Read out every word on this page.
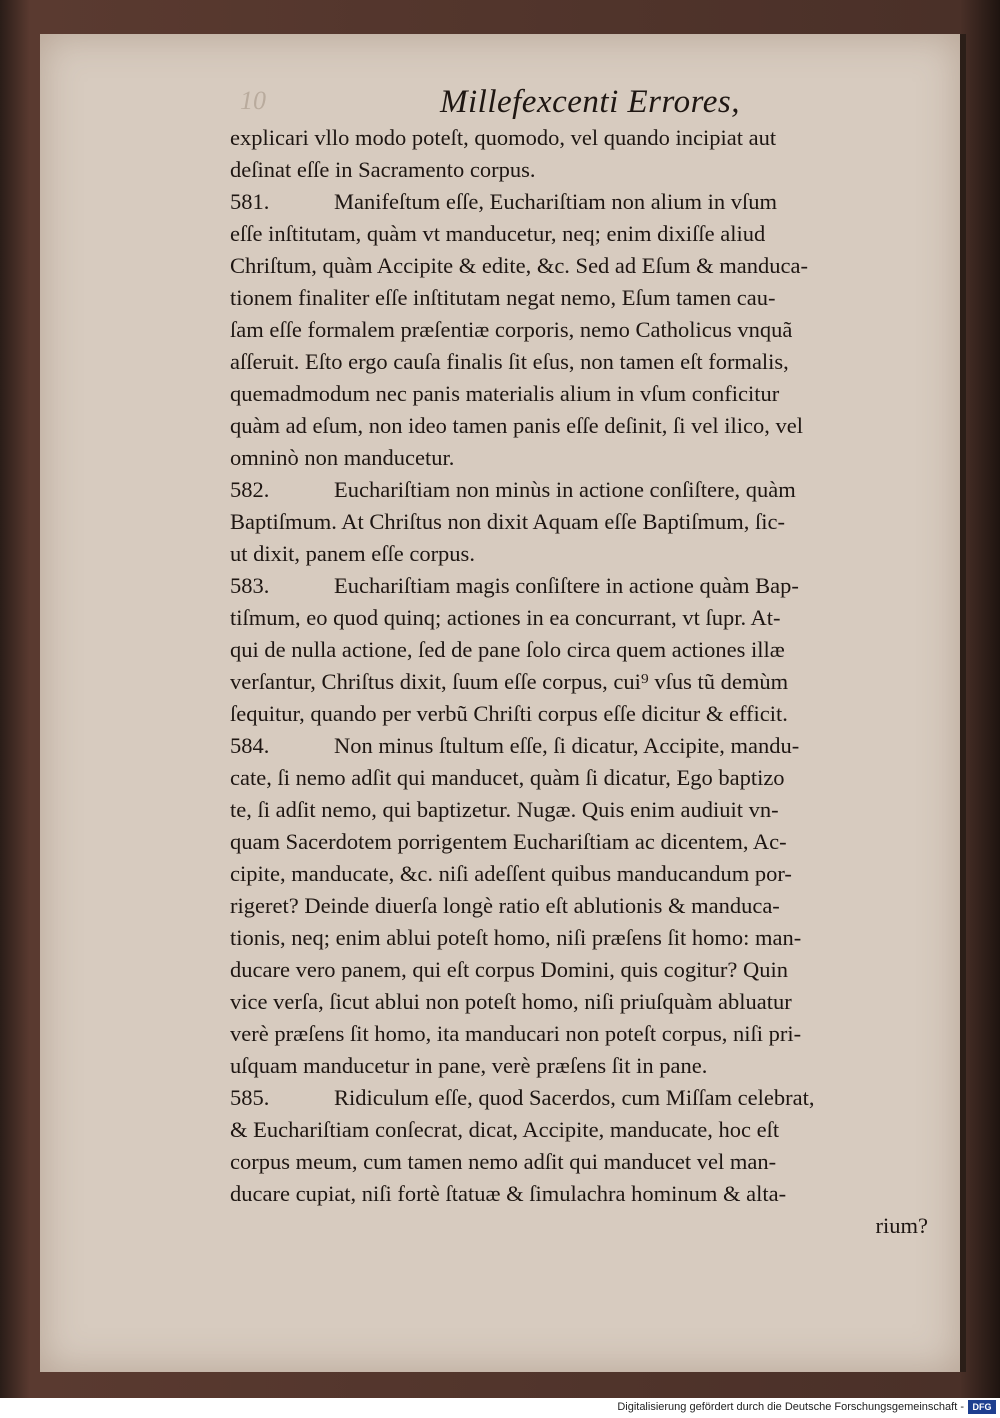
10	Millefexcenti Errores,
explicari vllo modo poteſt, quomodo, vel quando incipiat aut
deſinat eſſe in Sacramento corpus.
581.	Manifeſtum eſſe, Euchariſtiam non alium in vſum
eſſe inſtitutam, quàm vt manducetur, neq; enim dixiſſe aliud
Chriſtum, quàm Accipite & edite, &c. Sed ad Eſum & manduca-
tionem finaliter eſſe inſtitutam negat nemo, Eſum tamen cau-
ſam eſſe formalem præſentiæ corporis, nemo Catholicus vnquã
aſſeruit. Eſto ergo cauſa finalis ſit eſus, non tamen eſt formalis,
quemadmodum nec panis materialis alium in vſum conficitur
quàm ad eſum, non ideo tamen panis eſſe deſinit, ſi vel ilico, vel
omninò non manducetur.
582.	Euchariſtiam non minùs in actione conſiſtere, quàm
Baptiſmum. At Chriſtus non dixit Aquam eſſe Baptiſmum, ſic-
ut dixit, panem eſſe corpus.
583.	Euchariſtiam magis conſiſtere in actione quàm Bap-
tiſmum, eo quod quinq; actiones in ea concurrant, vt ſupr. At-
qui de nulla actione, ſed de pane ſolo circa quem actiones illæ
verſantur, Chriſtus dixit, ſuum eſſe corpus, cui⁹ vſus tũ demùm
ſequitur, quando per verbũ Chriſti corpus eſſe dicitur & efficit.
584.	Non minus ſtultum eſſe, ſi dicatur, Accipite, mandu-
cate, ſi nemo adſit qui manducet, quàm ſi dicatur, Ego baptizo
te, ſi adſit nemo, qui baptizetur. Nugæ. Quis enim audiuit vn-
quam Sacerdotem porrigentem Euchariſtiam ac dicentem, Ac-
cipite, manducate, &c. niſi adeſſent quibus manducandum por-
rigeret? Deinde diuerſa longè ratio eſt ablutionis & manduca-
tionis, neq; enim ablui poteſt homo, niſi præſens ſit homo: man-
ducare vero panem, qui eſt corpus Domini, quis cogitur? Quin
vice verſa, ſicut ablui non poteſt homo, niſi priuſquàm abluatur
verè præſens ſit homo, ita manducari non poteſt corpus, niſi pri-
uſquam manducetur in pane, verè præſens ſit in pane.
585.	Ridiculum eſſe, quod Sacerdos, cum Miſſam celebrat,
& Euchariſtiam conſecrat, dicat, Accipite, manducate, hoc eſt
corpus meum, cum tamen nemo adſit qui manducet vel man-
ducare cupiat, niſi fortè ſtatuæ & ſimulachra hominum & alta-
rium?
Digitalisierung gefördert durch die Deutsche Forschungsgemeinschaft - DFG
